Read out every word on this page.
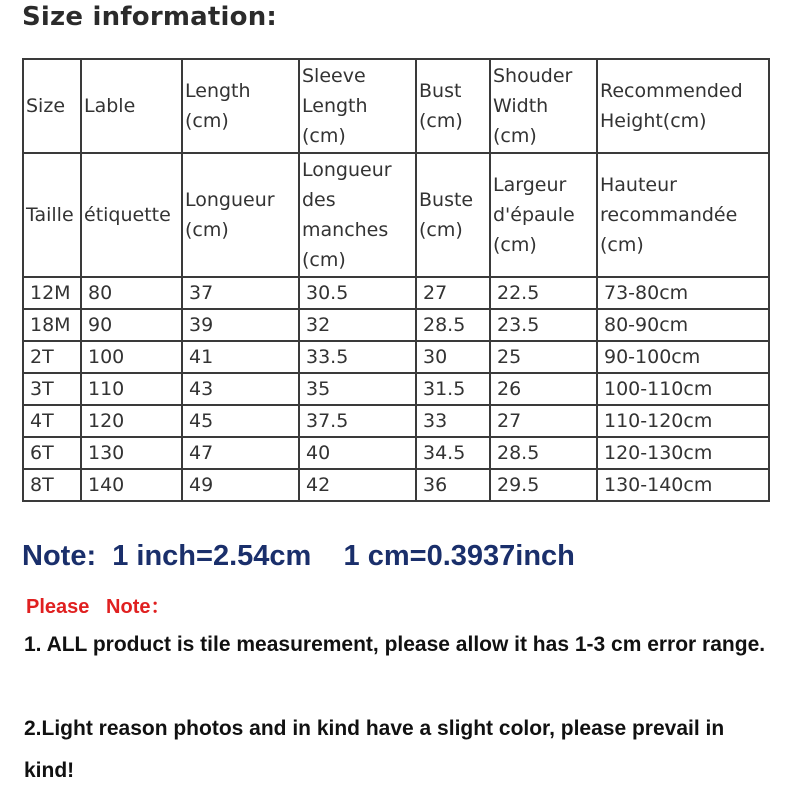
Size information:
Size	Lable	Length (cm)	Sleeve Length (cm)	Bust (cm)	Shouder Width (cm)	Recommended Height(cm)
Taille	étiquette	Longueur (cm)	Longueur des manches (cm)	Buste (cm)	Largeur d'épaule (cm)	Hauteur recommandée (cm)
12M	80	37	30.5	27	22.5	73-80cm
18M	90	39	32	28.5	23.5	80-90cm
2T	100	41	33.5	30	25	90-100cm
3T	110	43	35	31.5	26	100-110cm
4T	120	45	37.5	33	27	110-120cm
6T	130	47	40	34.5	28.5	120-130cm
8T	140	49	42	36	29.5	130-140cm
Note:  1 inch=2.54cm    1 cm=0.3937inch
Please   Note：
1. ALL product is tile measurement, please allow it has 1-3 cm error range.
2.Light reason photos and in kind have a slight color, please prevail in kind!
